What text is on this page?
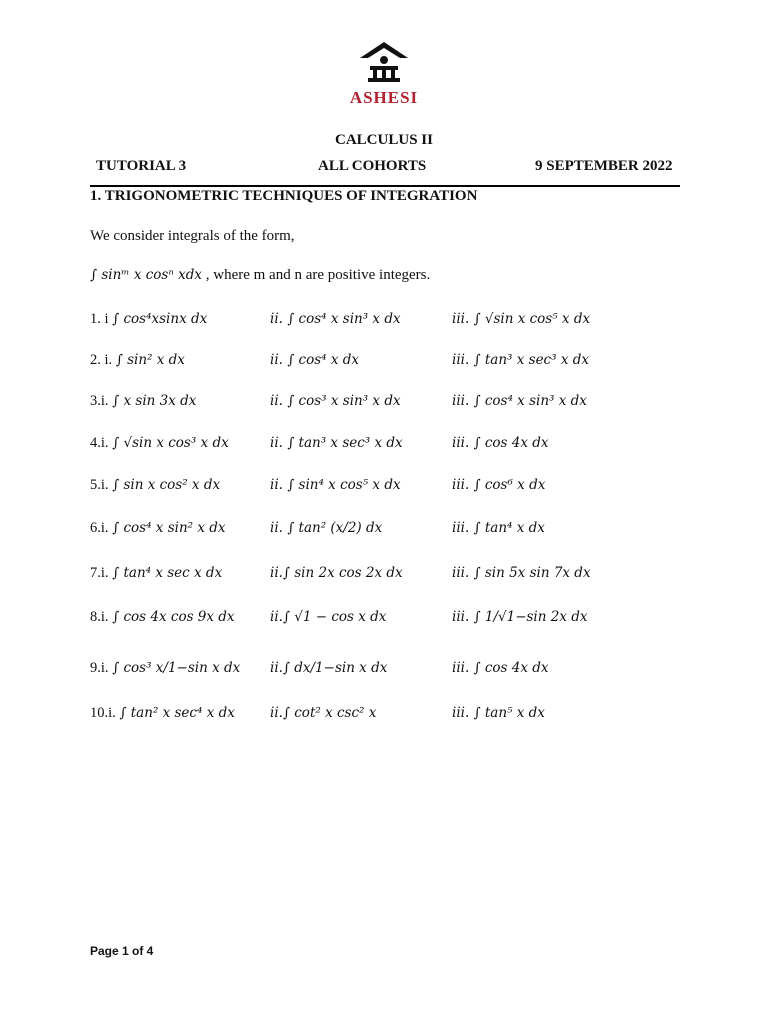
ASHESI
CALCULUS II
TUTORIAL 3	ALL COHORTS	9 SEPTEMBER 2022
1. TRIGONOMETRIC TECHNIQUES OF INTEGRATION
We consider integrals of the form,
∫ sinᵐ x cosⁿ xdx , where m and n are positive integers.
1. i ∫ cos⁴xsinx dx	ii. ∫ cos⁴ x sin³ x dx	iii. ∫ √sin x cos⁵ x dx
2. i. ∫ sin² x dx	ii. ∫ cos⁴ x dx	iii. ∫ tan³ x sec³ x dx
3.i. ∫ x sin 3x dx	ii. ∫ cos³ x sin³ x dx	iii. ∫ cos⁴ x sin³ x dx
4.i. ∫ √sin x cos³ x dx	ii. ∫ tan³ x sec³ x dx	iii. ∫ cos 4x dx
5.i. ∫ sin x cos² x dx	ii. ∫ sin⁴ x cos⁵ x dx	iii. ∫ cos⁶ x dx
6.i. ∫ cos⁴ x sin² x dx	ii. ∫ tan² (x/2) dx	iii. ∫ tan⁴ x dx
7.i. ∫ tan⁴ x sec x dx	ii.∫ sin 2x cos 2x dx	iii. ∫ sin 5x sin 7x dx
8.i. ∫ cos 4x cos 9x dx	ii.∫ √1 − cos x dx	iii. ∫ 1/√1−sin 2x dx
9.i. ∫ cos³ x/1−sin x dx ii.∫ dx/1−sin x dx	iii. ∫ cos 4x dx
10.i. ∫ tan² x sec⁴ x dx	ii.∫ cot² x csc² x	iii. ∫ tan⁵ x dx
Page 1 of 4
